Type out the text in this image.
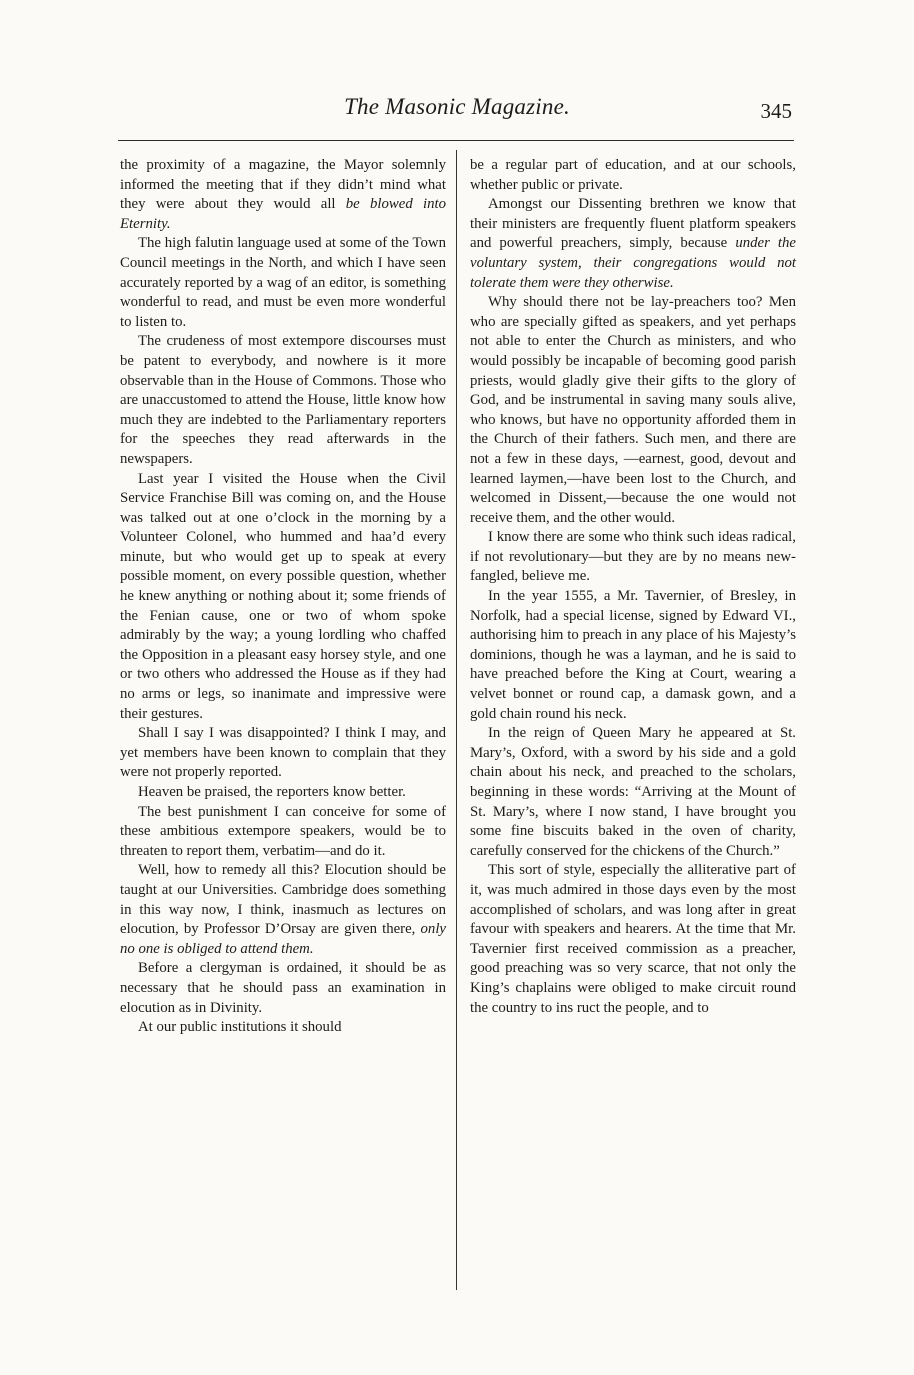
The Masonic Magazine.	345

the proximity of a magazine, the Mayor solemnly informed the meeting that if they didn’t mind what they were about they would all be blowed into Eternity.

The high falutin language used at some of the Town Council meetings in the North, and which I have seen accurately reported by a wag of an editor, is something wonderful to read, and must be even more wonderful to listen to.

The crudeness of most extempore discourses must be patent to everybody, and nowhere is it more observable than in the House of Commons. Those who are unaccustomed to attend the House, little know how much they are indebted to the Parliamentary reporters for the speeches they read afterwards in the newspapers.

Last year I visited the House when the Civil Service Franchise Bill was coming on, and the House was talked out at one o’clock in the morning by a Volunteer Colonel, who hummed and haa’d every minute, but who would get up to speak at every possible moment, on every possible question, whether he knew anything or nothing about it; some friends of the Fenian cause, one or two of whom spoke admirably by the way; a young lordling who chaffed the Opposition in a pleasant easy horsey style, and one or two others who addressed the House as if they had no arms or legs, so inanimate and impressive were their gestures.

Shall I say I was disappointed? I think I may, and yet members have been known to complain that they were not properly reported.

Heaven be praised, the reporters know better.

The best punishment I can conceive for some of these ambitious extempore speakers, would be to threaten to report them, verbatim—and do it.

Well, how to remedy all this? Elocution should be taught at our Universities. Cambridge does something in this way now, I think, inasmuch as lectures on elocution, by Professor D’Orsay are given there, only no one is obliged to attend them.

Before a clergyman is ordained, it should be as necessary that he should pass an examination in elocution as in Divinity.

At our public institutions it should

be a regular part of education, and at our schools, whether public or private.

Amongst our Dissenting brethren we know that their ministers are frequently fluent platform speakers and powerful preachers, simply, because under the voluntary system, their congregations would not tolerate them were they otherwise.

Why should there not be lay-preachers too? Men who are specially gifted as speakers, and yet perhaps not able to enter the Church as ministers, and who would possibly be incapable of becoming good parish priests, would gladly give their gifts to the glory of God, and be instrumental in saving many souls alive, who knows, but have no opportunity afforded them in the Church of their fathers. Such men, and there are not a few in these days, —earnest, good, devout and learned laymen,—have been lost to the Church, and welcomed in Dissent,—because the one would not receive them, and the other would.

I know there are some who think such ideas radical, if not revolutionary—but they are by no means new-fangled, believe me.

In the year 1555, a Mr. Tavernier, of Bresley, in Norfolk, had a special license, signed by Edward VI., authorising him to preach in any place of his Majesty’s dominions, though he was a layman, and he is said to have preached before the King at Court, wearing a velvet bonnet or round cap, a damask gown, and a gold chain round his neck.

In the reign of Queen Mary he appeared at St. Mary’s, Oxford, with a sword by his side and a gold chain about his neck, and preached to the scholars, beginning in these words: “Arriving at the Mount of St. Mary’s, where I now stand, I have brought you some fine biscuits baked in the oven of charity, carefully conserved for the chickens of the Church.”

This sort of style, especially the alliterative part of it, was much admired in those days even by the most accomplished of scholars, and was long after in great favour with speakers and hearers. At the time that Mr. Tavernier first received commission as a preacher, good preaching was so very scarce, that not only the King’s chaplains were obliged to make circuit round the country to ins ruct the people, and to
